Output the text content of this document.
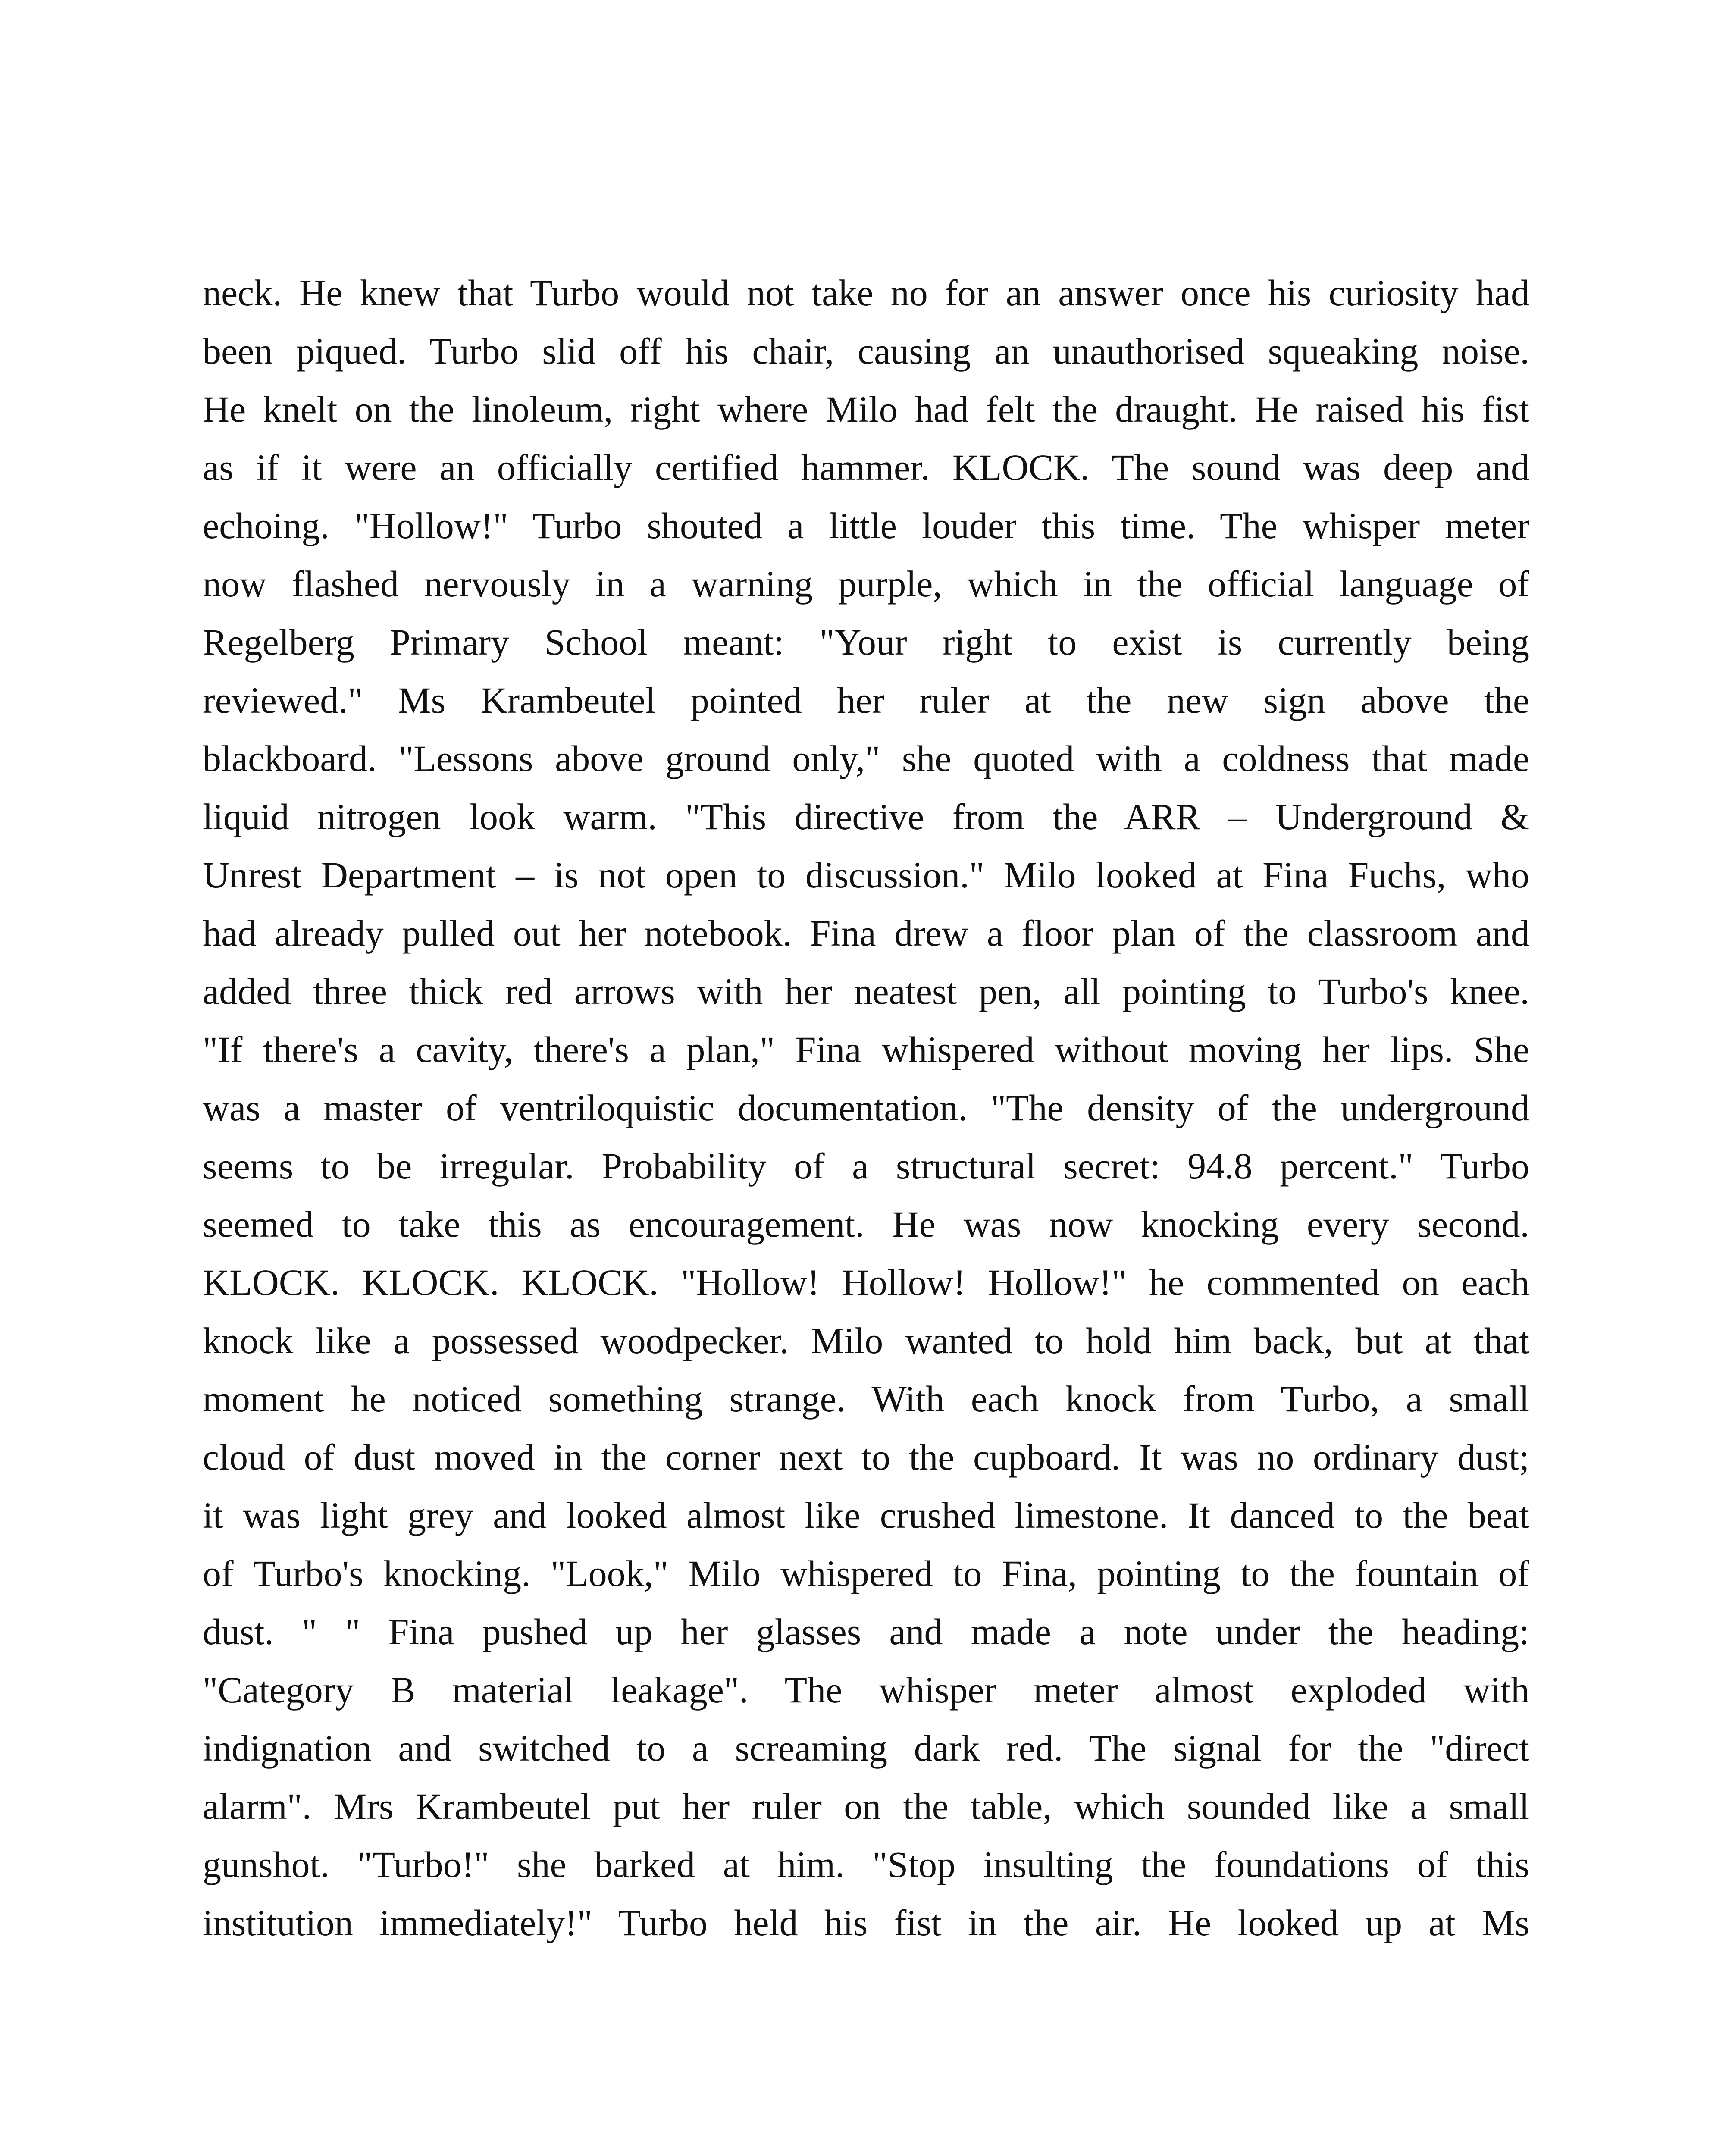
neck. He knew that Turbo would not take no for an answer once his curiosity had
been piqued. Turbo slid off his chair, causing an unauthorised squeaking noise.
He knelt on the linoleum, right where Milo had felt the draught. He raised his fist
as if it were an officially certified hammer. KLOCK. The sound was deep and
echoing. "Hollow!" Turbo shouted a little louder this time. The whisper meter
now flashed nervously in a warning purple, which in the official language of
Regelberg Primary School meant: "Your right to exist is currently being
reviewed." Ms Krambeutel pointed her ruler at the new sign above the
blackboard. "Lessons above ground only," she quoted with a coldness that made
liquid nitrogen look warm. "This directive from the ARR – Underground &
Unrest Department – is not open to discussion." Milo looked at Fina Fuchs, who
had already pulled out her notebook. Fina drew a floor plan of the classroom and
added three thick red arrows with her neatest pen, all pointing to Turbo's knee.
"If there's a cavity, there's a plan," Fina whispered without moving her lips. She
was a master of ventriloquistic documentation. "The density of the underground
seems to be irregular. Probability of a structural secret: 94.8 percent." Turbo
seemed to take this as encouragement. He was now knocking every second.
KLOCK. KLOCK. KLOCK. "Hollow! Hollow! Hollow!" he commented on each
knock like a possessed woodpecker. Milo wanted to hold him back, but at that
moment he noticed something strange. With each knock from Turbo, a small
cloud of dust moved in the corner next to the cupboard. It was no ordinary dust;
it was light grey and looked almost like crushed limestone. It danced to the beat
of Turbo's knocking. "Look," Milo whispered to Fina, pointing to the fountain of
dust. " " Fina pushed up her glasses and made a note under the heading:
"Category B material leakage". The whisper meter almost exploded with
indignation and switched to a screaming dark red. The signal for the "direct
alarm". Mrs Krambeutel put her ruler on the table, which sounded like a small
gunshot. "Turbo!" she barked at him. "Stop insulting the foundations of this
institution immediately!" Turbo held his fist in the air. He looked up at Ms
